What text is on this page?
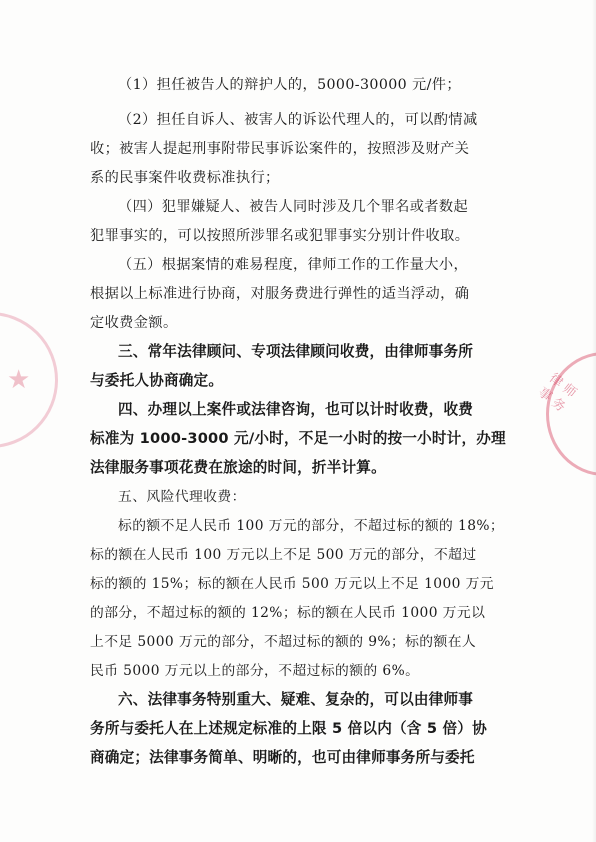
★	律师事务
（1）担任被告人的辩护人的，5000-30000 元/件；
（2）担任自诉人、被害人的诉讼代理人的，可以酌情减
收；被害人提起刑事附带民事诉讼案件的，按照涉及财产关
系的民事案件收费标准执行；
（四）犯罪嫌疑人、被告人同时涉及几个罪名或者数起
犯罪事实的，可以按照所涉罪名或犯罪事实分别计件收取。
（五）根据案情的难易程度，律师工作的工作量大小，
根据以上标准进行协商，对服务费进行弹性的适当浮动，确
定收费金额。
三、常年法律顾问、专项法律顾问收费，由律师事务所
与委托人协商确定。
四、办理以上案件或法律咨询，也可以计时收费，收费
标准为 1000-3000 元/小时，不足一小时的按一小时计，办理
法律服务事项花费在旅途的时间，折半计算。
五、风险代理收费：
标的额不足人民币 100 万元的部分，不超过标的额的 18%；
标的额在人民币 100 万元以上不足 500 万元的部分，不超过
标的额的 15%；标的额在人民币 500 万元以上不足 1000 万元
的部分，不超过标的额的 12%；标的额在人民币 1000 万元以
上不足 5000 万元的部分，不超过标的额的 9%；标的额在人
民币 5000 万元以上的部分，不超过标的额的 6%。
六、法律事务特别重大、疑难、复杂的，可以由律师事
务所与委托人在上述规定标准的上限 5 倍以内（含 5 倍）协
商确定；法律事务简单、明晰的，也可由律师事务所与委托
